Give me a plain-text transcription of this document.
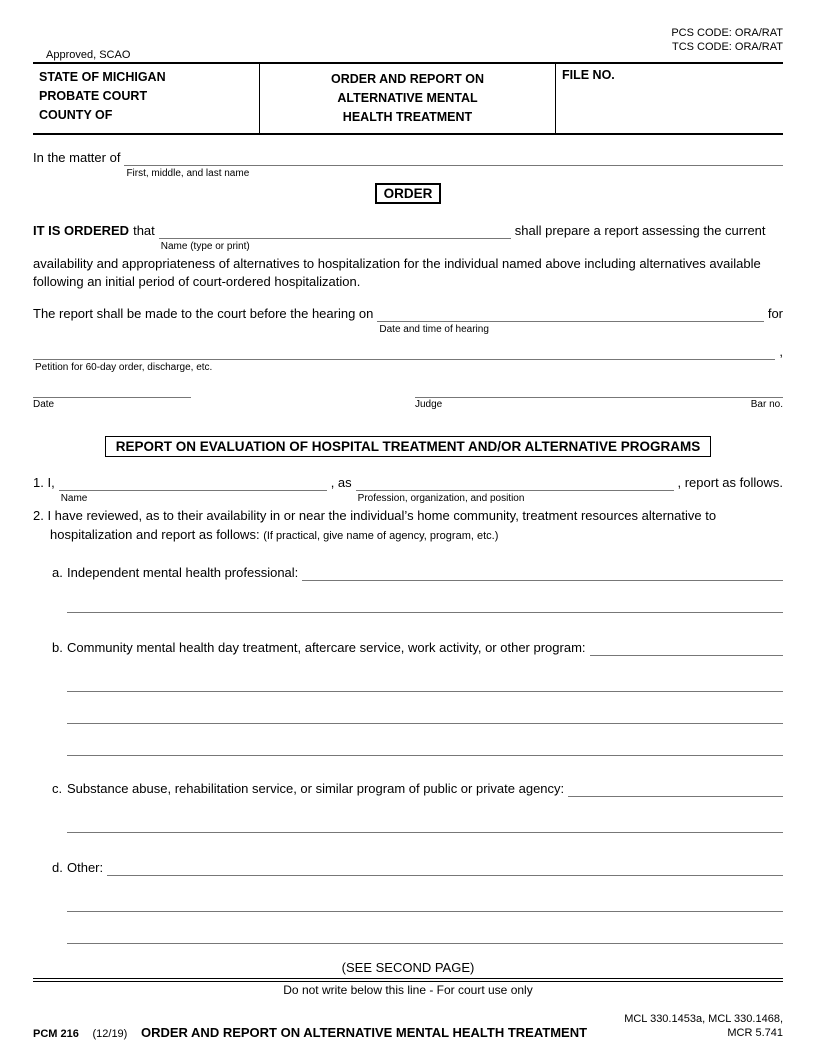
Approved, SCAO
PCS CODE: ORA/RAT
TCS CODE: ORA/RAT
STATE OF MICHIGAN
PROBATE COURT
COUNTY OF
ORDER AND REPORT ON
ALTERNATIVE MENTAL
HEALTH TREATMENT
FILE NO.
In the matter of
First, middle, and last name
ORDER
IT IS ORDERED that
Name (type or print)
shall prepare a report assessing the current
availability and appropriateness of alternatives to hospitalization for the individual named above including alternatives available following an initial period of court-ordered hospitalization.
The report shall be made to the court before the hearing on
Date and time of hearing
for
Petition for 60-day order, discharge, etc.
,
Date	Judge	Bar no.
REPORT ON EVALUATION OF HOSPITAL TREATMENT AND/OR ALTERNATIVE PROGRAMS
1. I,
Name
, as
Profession, organization, and position
, report as follows.
2. I have reviewed, as to their availability in or near the individual’s home community, treatment resources alternative to hospitalization and report as follows: (If practical, give name of agency, program, etc.)
a. Independent mental health professional:
b. Community mental health day treatment, aftercare service, work activity, or other program:
c. Substance abuse, rehabilitation service, or similar program of public or private agency:
d. Other:
(SEE SECOND PAGE)
Do not write below this line - For court use only
PCM 216 (12/19) ORDER AND REPORT ON ALTERNATIVE MENTAL HEALTH TREATMENT
MCL 330.1453a, MCL 330.1468,
MCR 5.741
